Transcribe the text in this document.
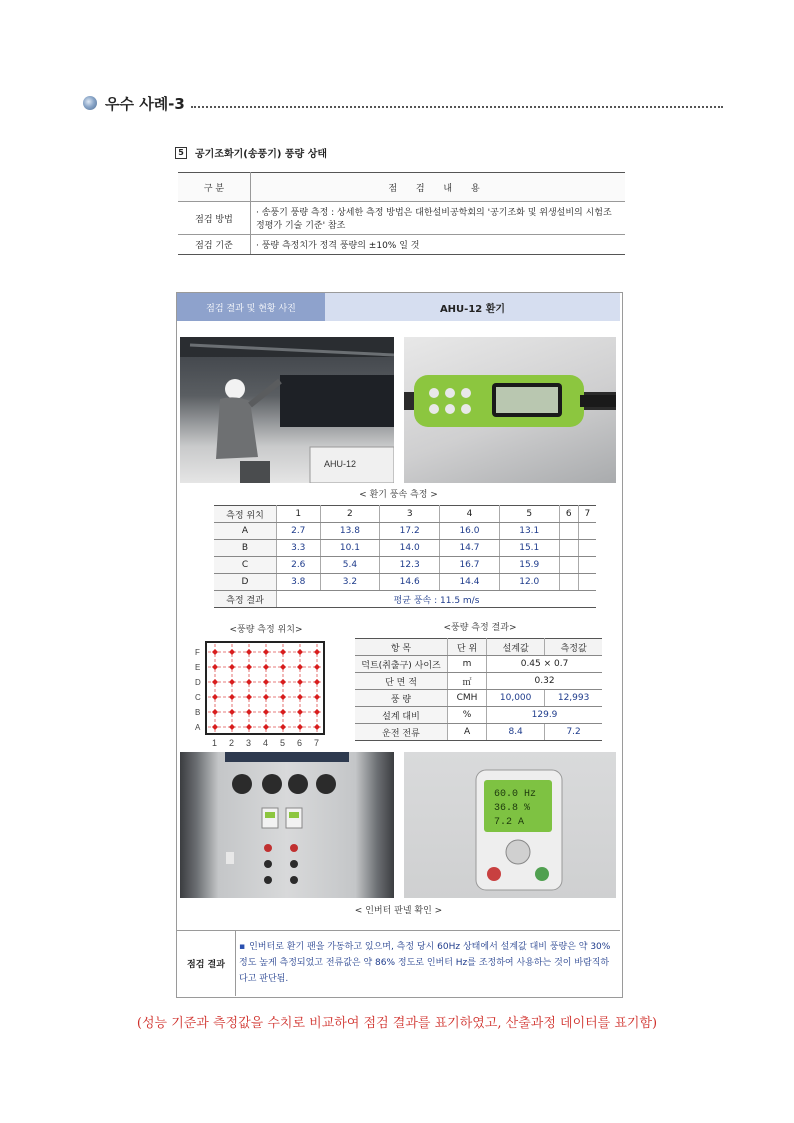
우수 사례-3
5	공기조화기(송풍기) 풍량 상태
구 분	점 검 내 용
점검 방법	· 송풍기 풍량 측정 : 상세한 측정 방법은 대한설비공학회의 '공기조화 및 위생설비의 시험조정평가 기술 기준' 참조
점검 기준	· 풍량 측정치가 정격 풍량의 ±10% 일 것
점검 결과 및 현황 사진	AHU-12 환기
AHU-12
< 환기 풍속 측정 >
측정 위치	1	2	3	4	5	6	7
A	2.7	13.8	17.2	16.0	13.1		
B	3.3	10.1	14.0	14.7	15.1		
C	2.6	5.4	12.3	16.7	15.9		
D	3.8	3.2	14.6	14.4	12.0		
측정 결과	평균 풍속 : 11.5 m/s						
<풍량 측정 위치>	<풍량 측정 결과>
F
E
D
C
B
A
1 2 3 4 5 6 7
항 목	단 위	설계값	측정값
덕트(취출구) 사이즈	m	0.45 × 0.7	
단 면 적	㎡	0.32	
풍 량	CMH	10,000	12,993
설계 대비	%	129.9	
운전 전류	A	8.4	7.2
60.0 Hz
36.8 %
7.2 A
< 인버터 판넬 확인 >
점검 결과
▪ 인버터로 환기 팬을 가동하고 있으며, 측정 당시 60Hz 상태에서 설계값 대비 풍량은 약 30% 정도 높게 측정되었고 전류값은 약 86% 정도로 인버터 Hz를 조정하여 사용하는 것이 바람직하다고 판단됨.
(성능 기준과 측정값을 수치로 비교하여 점검 결과를 표기하였고, 산출과정 데이터를 표기함)
